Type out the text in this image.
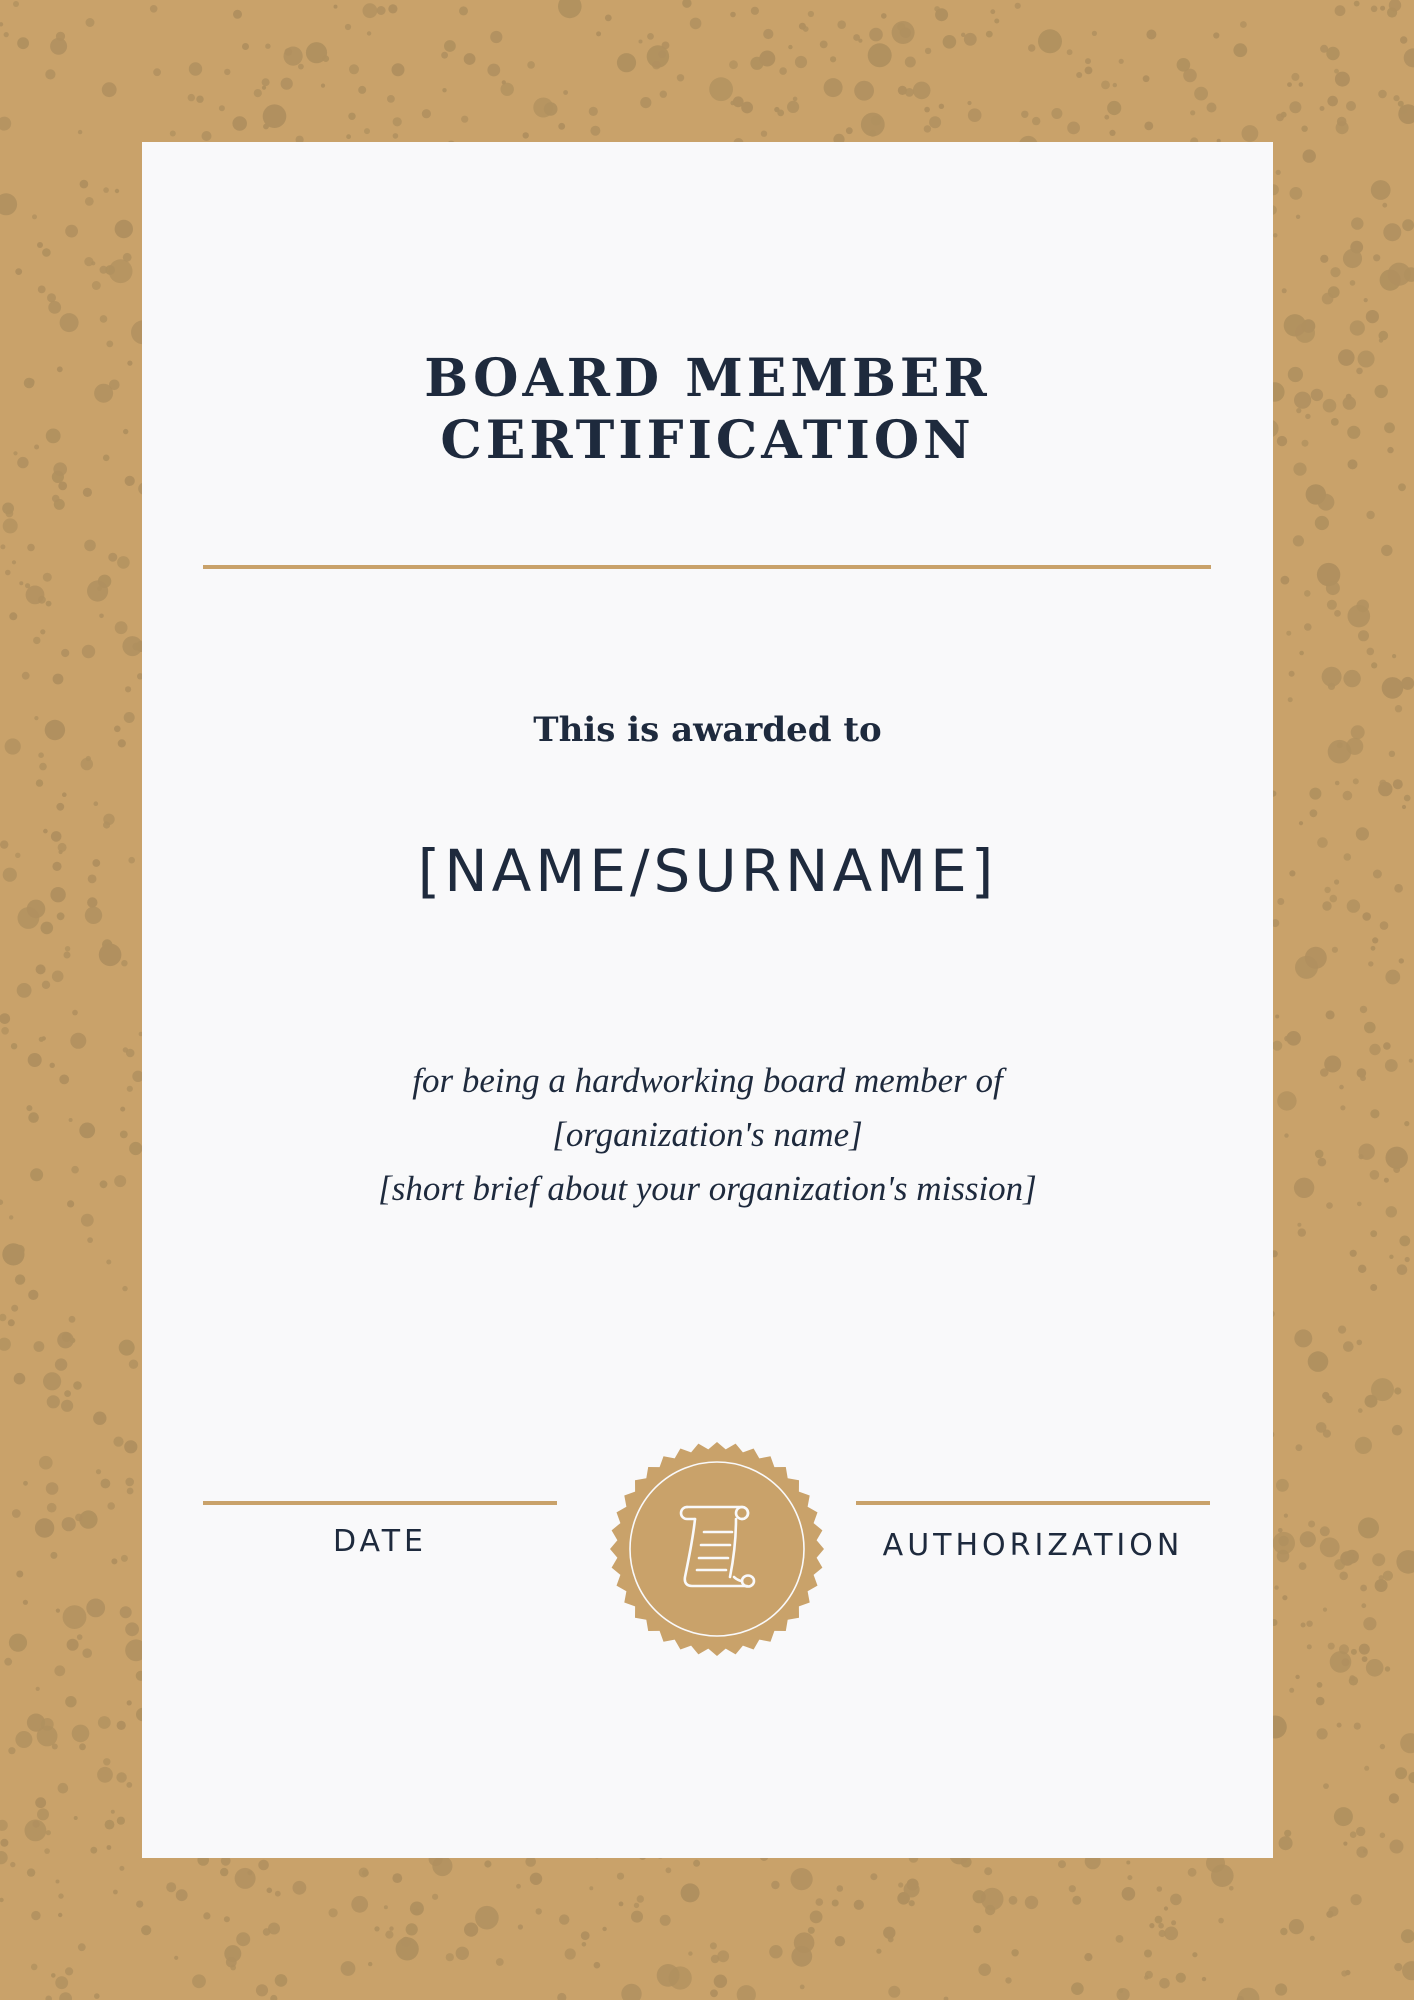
BOARD MEMBER
CERTIFICATION
This is awarded to
[NAME/SURNAME]
for being a hardworking board member of
[organization's name]
[short brief about your organization's mission]
DATE	AUTHORIZATION
